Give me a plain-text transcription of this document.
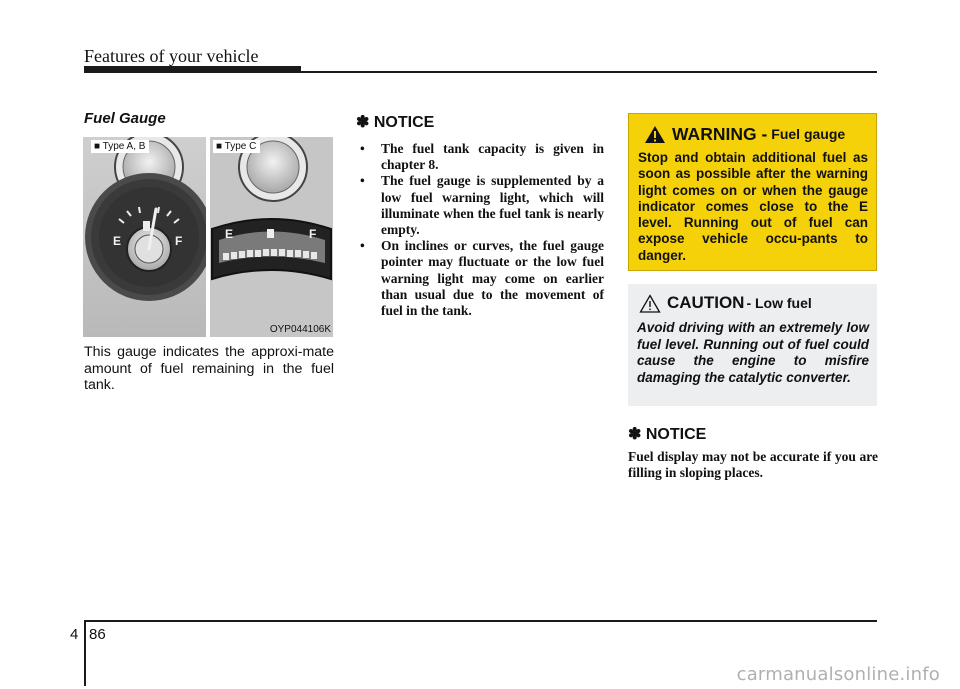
Features of your vehicle
Fuel Gauge
E	F	E	F
■ Type A, B	■ Type C
OYP044106K

This gauge indicates the approxi-mate amount of fuel remaining in the fuel tank.

✽ NOTICE
• The fuel tank capacity is given in chapter 8.
• The fuel gauge is supplemented by a low fuel warning light, which will illuminate when the fuel tank is nearly empty.
• On inclines or curves, the fuel gauge pointer may fluctuate or the low fuel warning light may come on earlier than usual due to the movement of fuel in the tank.
WARNING - Fuel gauge

Stop and obtain additional fuel as soon as possible after the warning light comes on or when the gauge indicator comes close to the E level. Running out of fuel can expose vehicle occu-pants to danger.

CAUTION - Low fuel

Avoid driving with an extremely low fuel level. Running out of fuel could cause the engine to misfire damaging the catalytic converter.

✽ NOTICE

Fuel display may not be accurate if you are filling in sloping places.

4 86
carmanualsonline.info
